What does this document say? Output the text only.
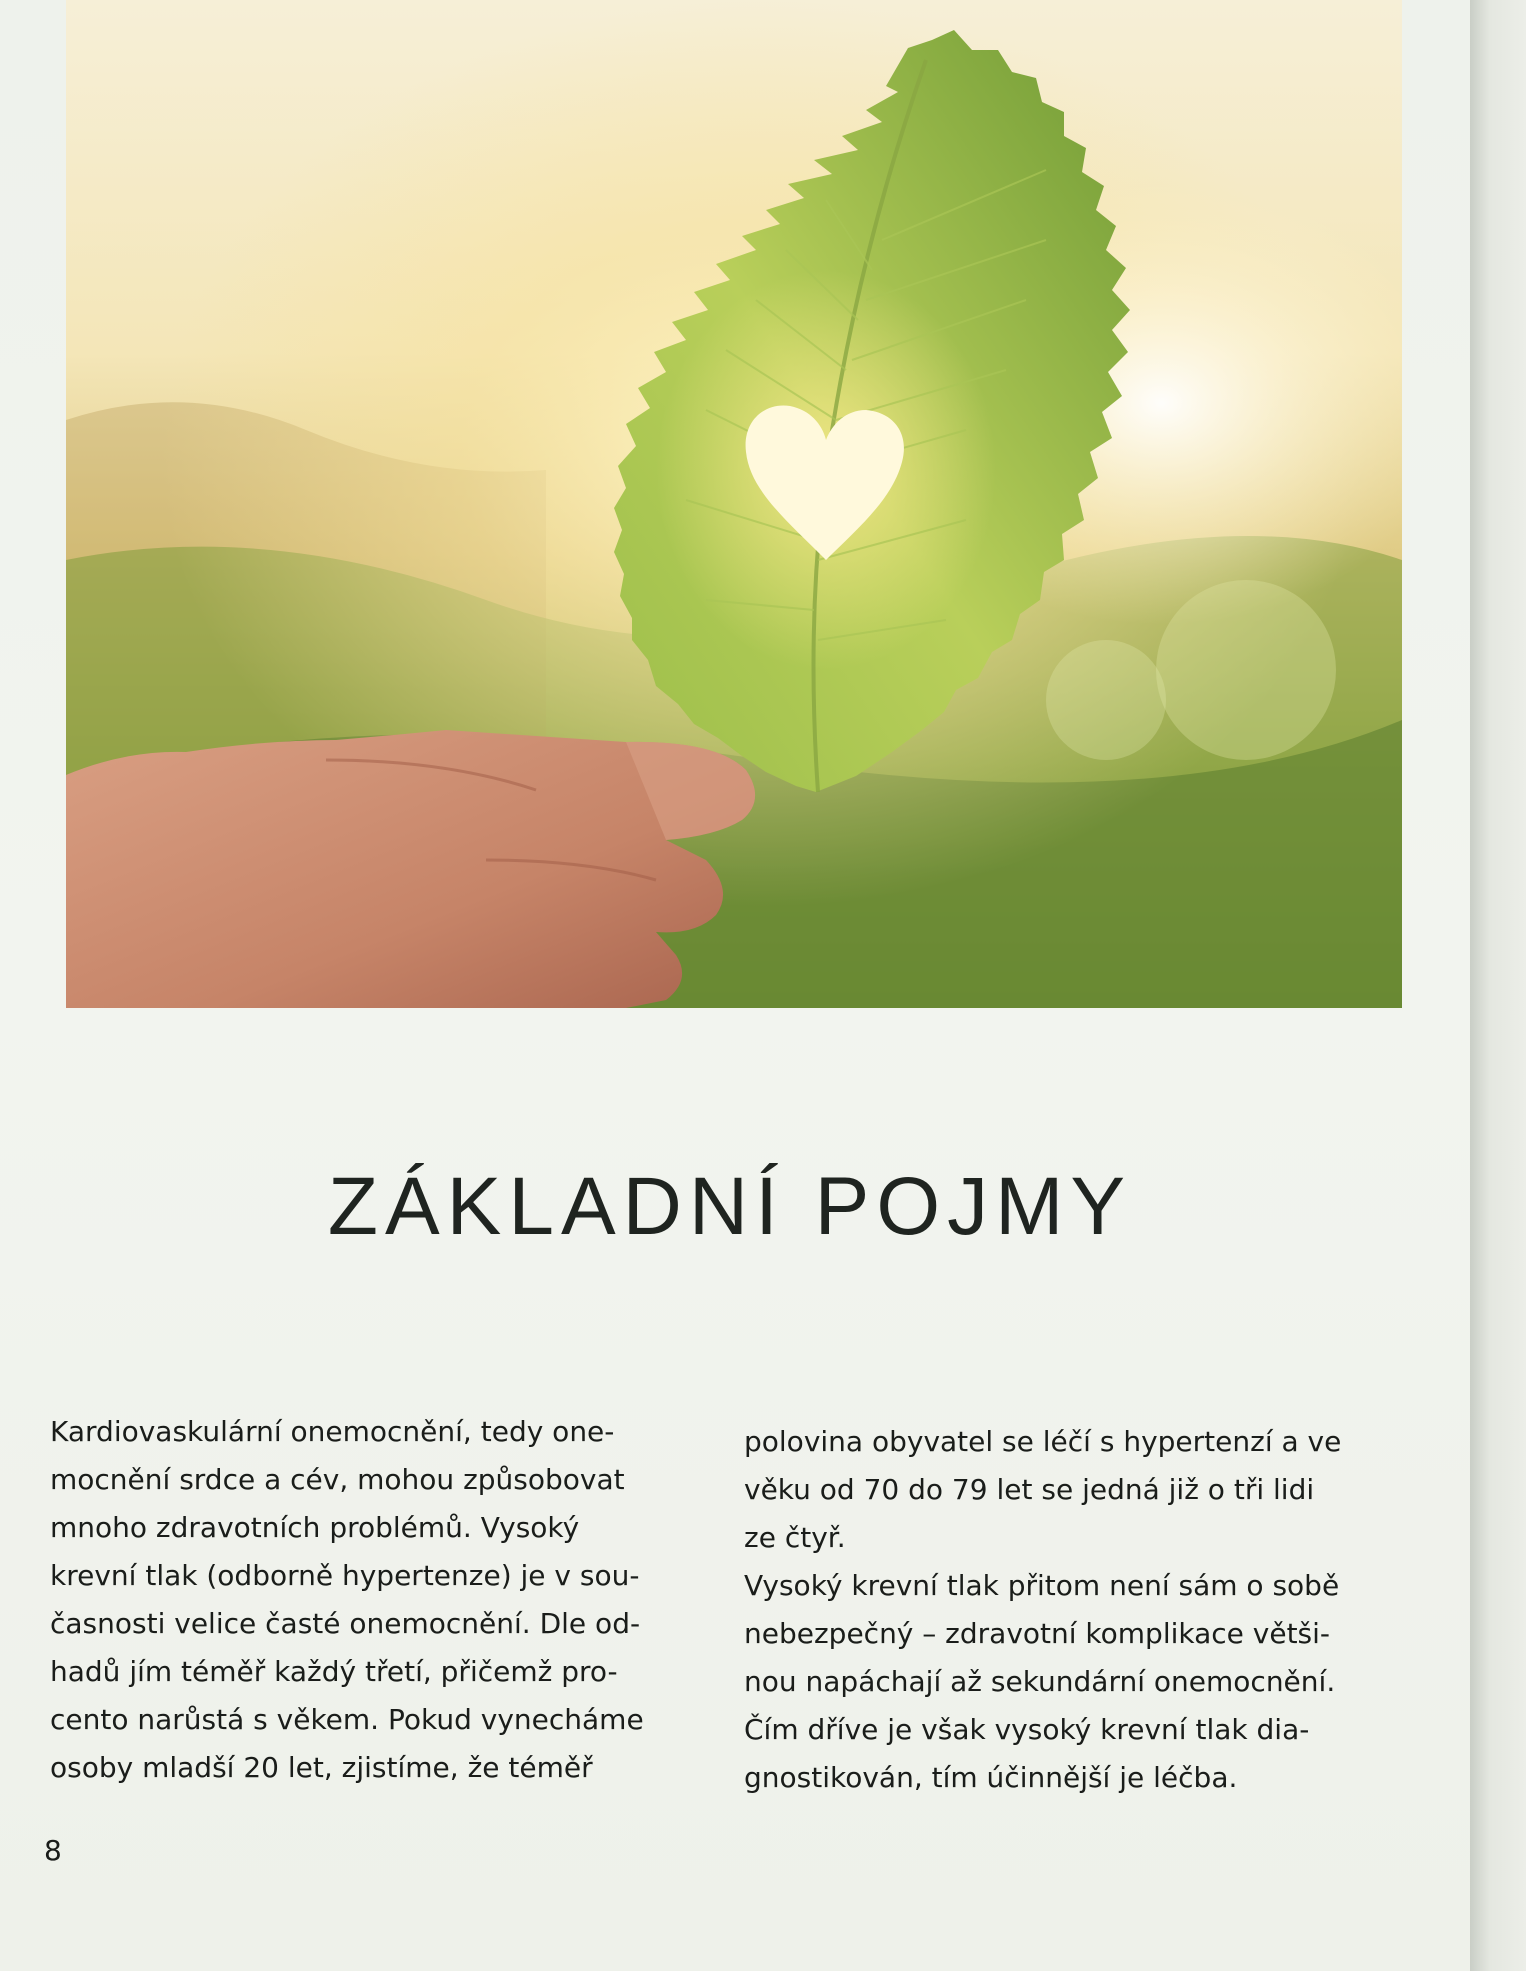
ZÁKLADNÍ POJMY
Kardiovaskulární onemocnění, tedy one-
mocnění srdce a cév, mohou způsobovat
mnoho zdravotních problémů. Vysoký
krevní tlak (odborně hypertenze) je v sou-
časnosti velice časté onemocnění. Dle od-
hadů jím téměř každý třetí, přičemž pro-
cento narůstá s věkem. Pokud vynecháme
osoby mladší 20 let, zjistíme, že téměř
polovina obyvatel se léčí s hypertenzí a ve
věku od 70 do 79 let se jedná již o tři lidi
ze čtyř.
Vysoký krevní tlak přitom není sám o sobě
nebezpečný – zdravotní komplikace větši-
nou napáchají až sekundární onemocnění.
Čím dříve je však vysoký krevní tlak dia-
gnostikován, tím účinnější je léčba.
8
